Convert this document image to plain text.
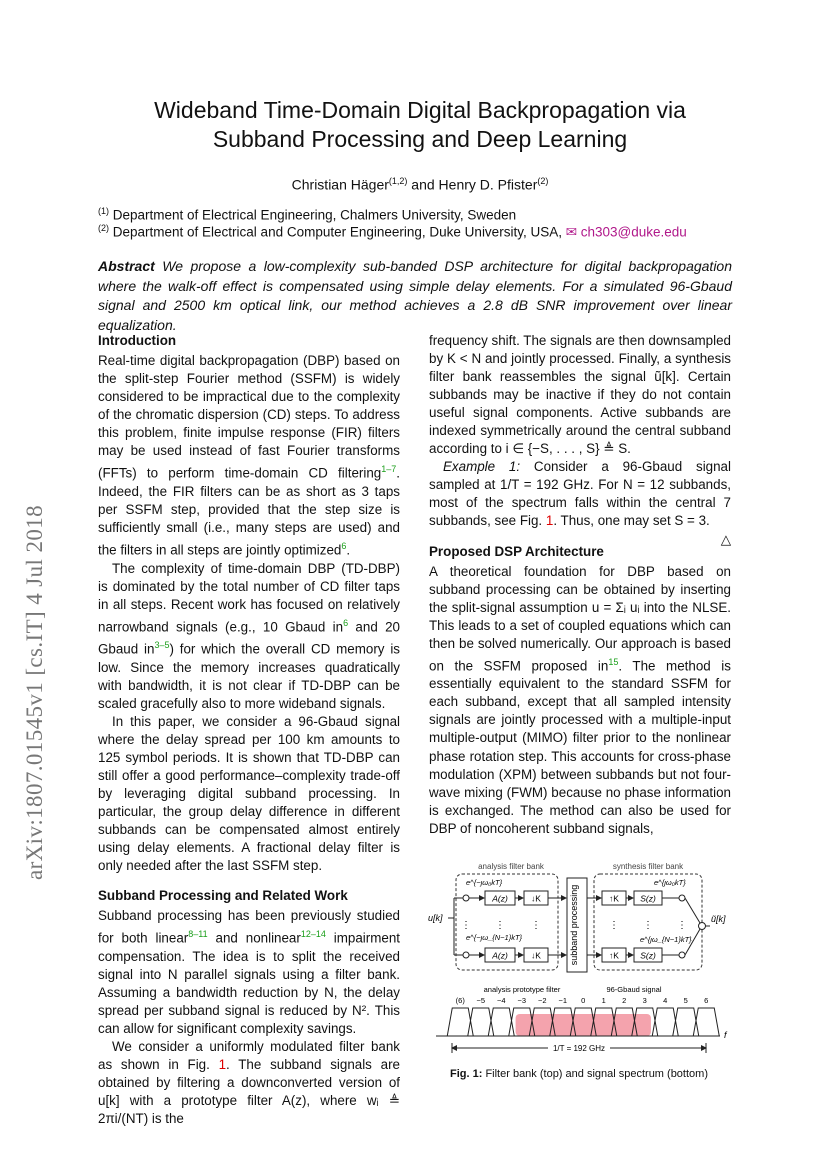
arXiv:1807.01545v1 [cs.IT] 4 Jul 2018
Wideband Time-Domain Digital Backpropagation via
Subband Processing and Deep Learning
Christian Häger$^{(1,2)}$ and Henry D. Pfister$^{(2)}$
$^{(1)}$ Department of Electrical Engineering, Chalmers University, Sweden
$^{(2)}$ Department of Electrical and Computer Engineering, Duke University, USA, ✉ ch303@duke.edu
Abstract We propose a low-complexity sub-banded DSP architecture for digital backpropagation where the walk-off effect is compensated using simple delay elements. For a simulated 96-Gbaud signal and 2500 km optical link, our method achieves a 2.8 dB SNR improvement over linear equalization.
Introduction

Real-time digital backpropagation (DBP) based on the split-step Fourier method (SSFM) is widely considered to be impractical due to the complexity of the chromatic dispersion (CD) steps. To address this problem, finite impulse response (FIR) filters may be used instead of fast Fourier transforms (FFTs) to perform time-domain CD filtering$^{1-7}$. Indeed, the FIR filters can be as short as 3 taps per SSFM step, provided that the step size is sufficiently small (i.e., many steps are used) and the filters in all steps are jointly optimized$^6$.

The complexity of time-domain DBP (TD-DBP) is dominated by the total number of CD filter taps in all steps. Recent work has focused on relatively narrowband signals (e.g., 10 Gbaud in$^6$ and 20 Gbaud in$^{3-5}$) for which the overall CD memory is low. Since the memory increases quadratically with bandwidth, it is not clear if TD-DBP can be scaled gracefully also to more wideband signals.

In this paper, we consider a 96-Gbaud signal where the delay spread per 100 km amounts to 125 symbol periods. It is shown that TD-DBP can still offer a good performance–complexity trade-off by leveraging digital subband processing. In particular, the group delay difference in different subbands can be compensated almost entirely using delay elements. A fractional delay filter is only needed after the last SSFM step.

Subband Processing and Related Work

Subband processing has been previously studied for both linear$^{8-11}$ and nonlinear$^{12-14}$ impairment compensation. The idea is to split the received signal into N parallel signals using a filter bank. Assuming a bandwidth reduction by N, the delay spread per subband signal is reduced by N². This can allow for significant complexity savings.

We consider a uniformly modulated filter bank as shown in Fig. 1. The subband signals are obtained by filtering a downconverted version of u[k] with a prototype filter A(z), where wᵢ ≜ 2πi/(NT) is the

frequency shift. The signals are then downsampled by K < N and jointly processed. Finally, a synthesis filter bank reassembles the signal ũ[k]. Certain subbands may be inactive if they do not contain useful signal components. Active subbands are indexed symmetrically around the central subband according to i ∈ {−S, . . . , S} ≜ S.

Example 1: Consider a 96-Gbaud signal sampled at 1/T = 192 GHz. For N = 12 subbands, most of the spectrum falls within the central 7 subbands, see Fig. 1. Thus, one may set S = 3.
△

Proposed DSP Architecture

A theoretical foundation for DBP based on subband processing can be obtained by inserting the split-signal assumption u = Σᵢ uᵢ into the NLSE. This leads to a set of coupled equations which can then be solved numerically. Our approach is based on the SSFM proposed in$^{15}$. The method is essentially equivalent to the standard SSFM for each subband, except that all sampled intensity signals are jointly processed with a multiple-input multiple-output (MIMO) filter prior to the nonlinear phase rotation step. This accounts for cross-phase modulation (XPM) between subbands but not four-wave mixing (FWM) because no phase information is exchanged. The method can also be used for DBP of noncoherent subband signals,

analysis filter bank	synthesis filter bank
subband processing
u[k]
e^{−ȷω₀kT}
A(z)	↓K
e^{−ȷω_{N−1}kT}
A(z)	↓K
⋮ ⋮	⋮	⋮ ⋮ ⋮
↑K S(z)
e^{ȷω₀kT}
↑K S(z)
e^{ȷω_{N−1}kT}
ũ[k]
analysis prototype filter	96-Gbaud signal
(6) −5 −4 −3 −2 −1 0 1 2 3 4 5 6
f
1/T = 192 GHz
Fig. 1: Filter bank (top) and signal spectrum (bottom)
